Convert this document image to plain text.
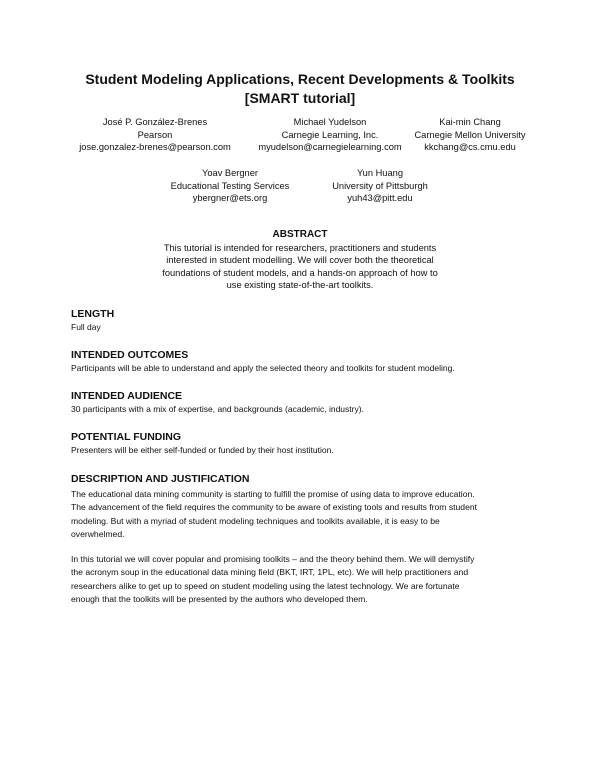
Student Modeling Applications, Recent Developments & Toolkits
[SMART tutorial]
José P. González-Brenes
Pearson
jose.gonzalez-brenes@pearson.com
Michael Yudelson
Carnegie Learning, Inc.
myudelson@carnegielearning.com
Kai-min Chang
Carnegie Mellon University
kkchang@cs.cmu.edu
Yoav Bergner
Educational Testing Services
ybergner@ets.org
Yun Huang
University of Pittsburgh
yuh43@pitt.edu
ABSTRACT
This tutorial is intended for researchers, practitioners and students
interested in student modelling. We will cover both the theoretical
foundations of student models, and a hands-on approach of how to
use existing state-of-the-art toolkits.
LENGTH
Full day
INTENDED OUTCOMES
Participants will be able to understand and apply the selected theory and toolkits for student modeling.
INTENDED AUDIENCE
30 participants with a mix of expertise, and backgrounds (academic, industry).
POTENTIAL FUNDING
Presenters will be either self-funded or funded by their host institution.
DESCRIPTION AND JUSTIFICATION
The educational data mining community is starting to fulfill the promise of using data to improve education.
The advancement of the field requires the community to be aware of existing tools and results from student
modeling. But with a myriad of student modeling techniques and toolkits available, it is easy to be
overwhelmed.
In this tutorial we will cover popular and promising toolkits – and the theory behind them. We will demystify
the acronym soup in the educational data mining field (BKT, IRT, 1PL, etc). We will help practitioners and
researchers alike to get up to speed on student modeling using the latest technology. We are fortunate
enough that the toolkits will be presented by the authors who developed them.
